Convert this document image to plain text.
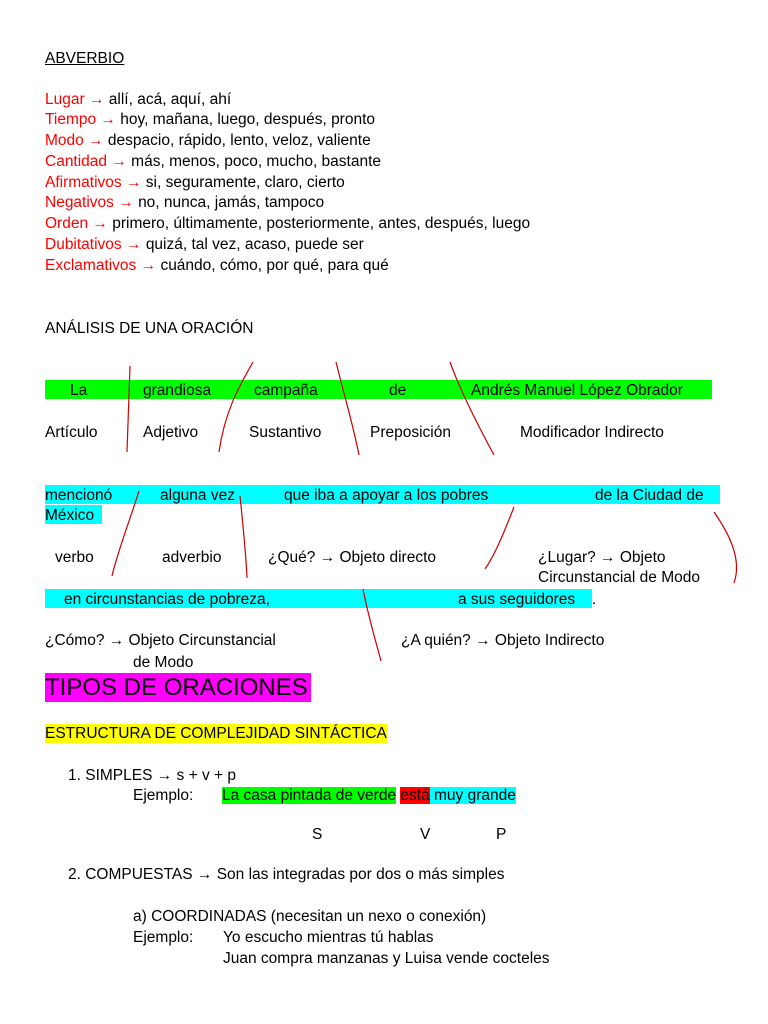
ABVERBIO
Lugar → allí, acá, aquí, ahí
Tiempo → hoy, mañana, luego, después, pronto
Modo → despacio, rápido, lento, veloz, valiente
Cantidad → más, menos, poco, mucho, bastante
Afirmativos → si, seguramente, claro, cierto
Negativos → no, nunca, jamás, tampoco
Orden → primero, últimamente, posteriormente, antes, después, luego
Dubitativos → quizá, tal vez, acaso, puede ser
Exclamativos → cuándo, cómo, por qué, para qué
ANÁLISIS DE UNA ORACIÓN
La	grandiosa	campaña	de	Andrés Manuel López Obrador
Artículo	Adjetivo	Sustantivo	Preposición	Modificador Indirecto
mencionó	alguna vez	que iba a apoyar a los pobres	de la Ciudad de
México
verbo	adverbio	¿Qué? → Objeto directo	¿Lugar? → Objeto
Circunstancial de Modo
en circunstancias de pobreza,	a sus seguidores .
¿Cómo? → Objeto Circunstancial
de Modo
¿A quién? → Objeto Indirecto
TIPOS DE ORACIONES
ESTRUCTURA DE COMPLEJIDAD SINTÁCTICA
1. SIMPLES → s + v + p
Ejemplo: La casa pintada de verde está muy grande
S	V	P
2. COMPUESTAS → Son las integradas por dos o más simples
a) COORDINADAS (necesitan un nexo o conexión)
Ejemplo: Yo escucho mientras tú hablas
Juan compra manzanas y Luisa vende cocteles
